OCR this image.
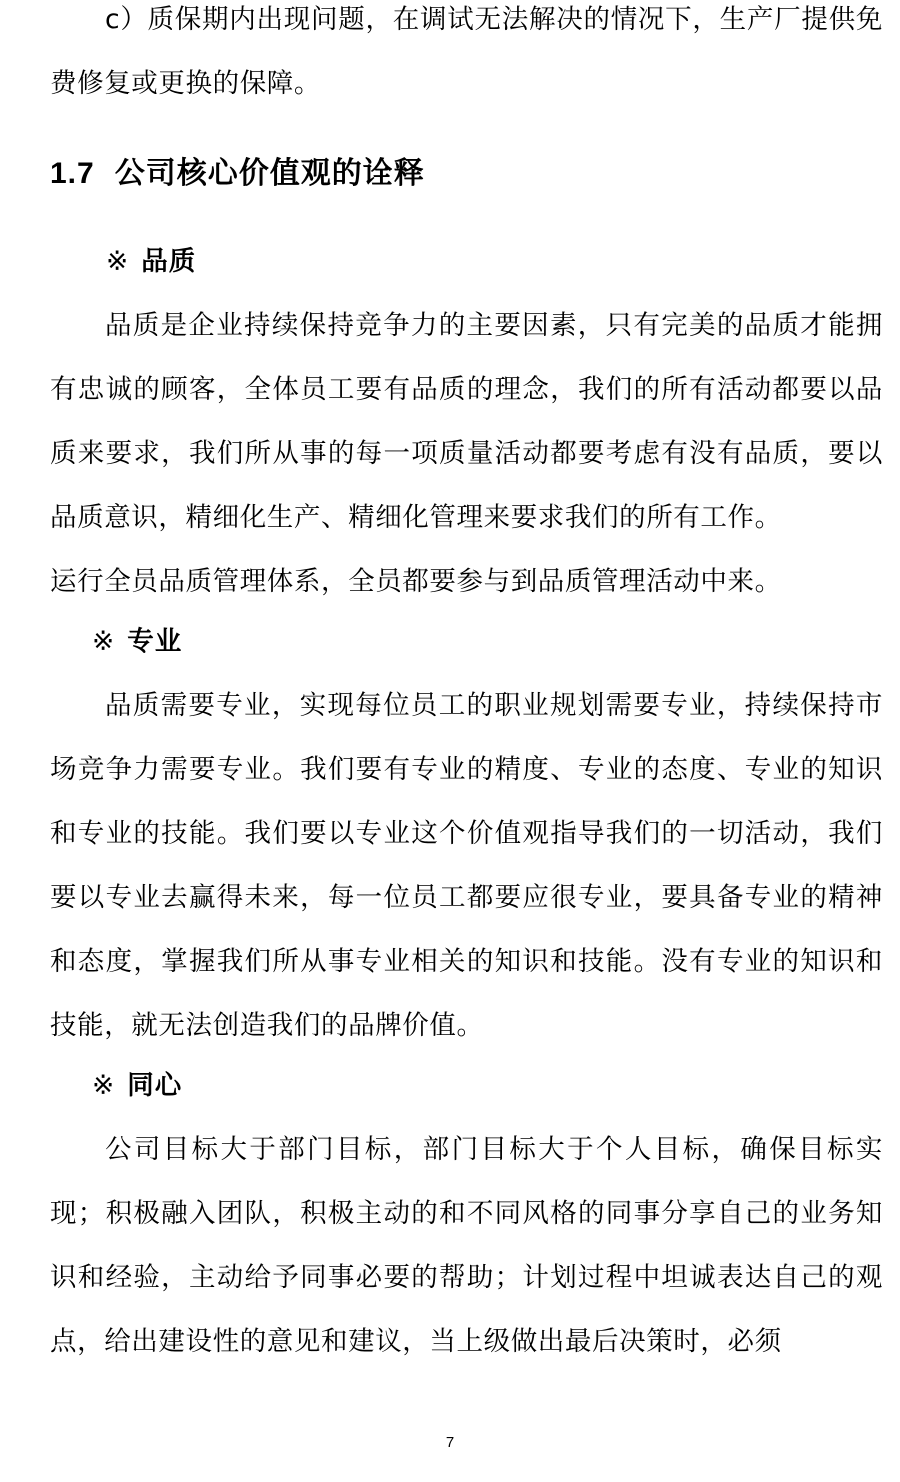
c）质保期内出现问题，在调试无法解决的情况下，生产厂提供免费修复或更换的保障。

1.7 公司核心价值观的诠释
※ 品质

品质是企业持续保持竞争力的主要因素，只有完美的品质才能拥有忠诚的顾客，全体员工要有品质的理念，我们的所有活动都要以品质来要求，我们所从事的每一项质量活动都要考虑有没有品质，要以品质意识，精细化生产、精细化管理来要求我们的所有工作。

运行全员品质管理体系，全员都要参与到品质管理活动中来。

※ 专业

品质需要专业，实现每位员工的职业规划需要专业，持续保持市场竞争力需要专业。我们要有专业的精度、专业的态度、专业的知识和专业的技能。我们要以专业这个价值观指导我们的一切活动，我们要以专业去赢得未来，每一位员工都要应很专业，要具备专业的精神和态度，掌握我们所从事专业相关的知识和技能。没有专业的知识和技能，就无法创造我们的品牌价值。

※ 同心

公司目标大于部门目标，部门目标大于个人目标，确保目标实现；积极融入团队，积极主动的和不同风格的同事分享自己的业务知识和经验，主动给予同事必要的帮助；计划过程中坦诚表达自己的观点，给出建设性的意见和建议，当上级做出最后决策时，必须

7
